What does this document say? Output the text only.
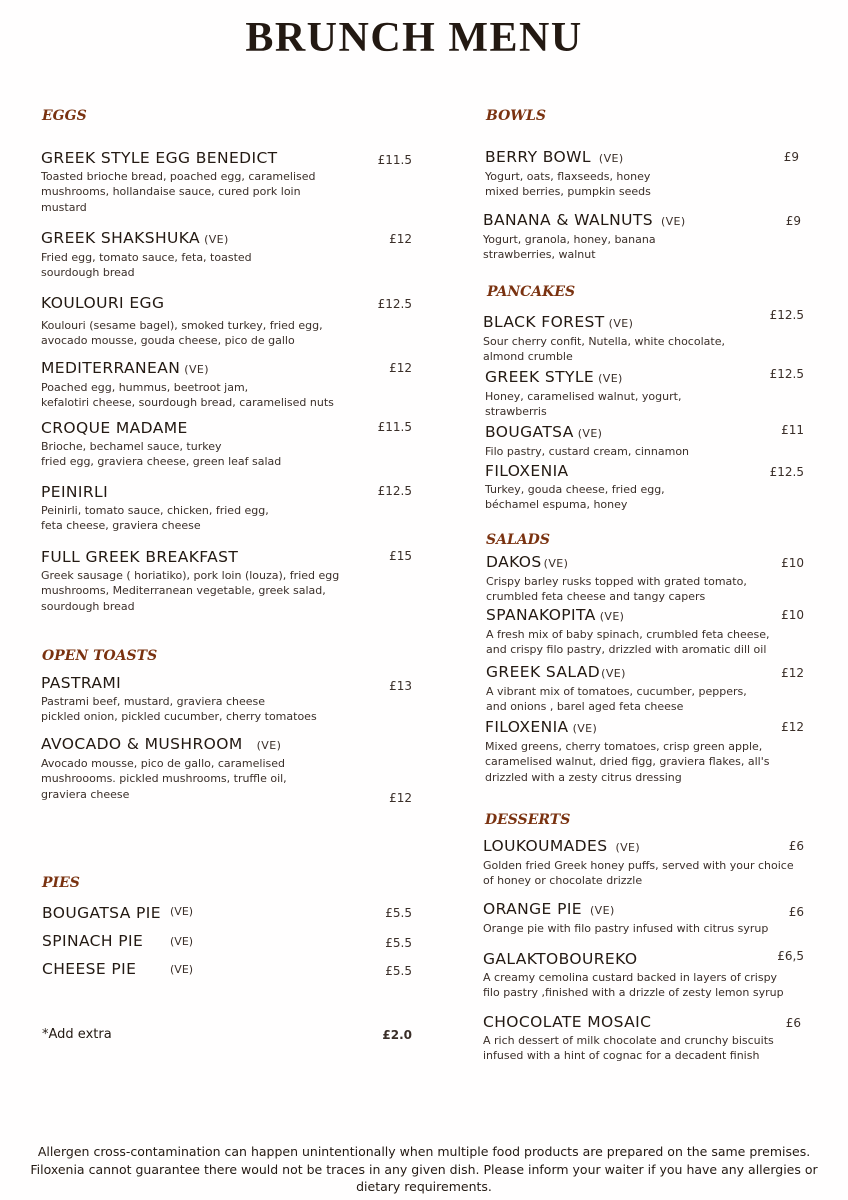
BRUNCH MENU
EGGS
GREEK STYLE EGG BENEDICT
Toasted brioche bread, poached egg, caramelised
mushrooms, hollandaise sauce, cured pork loin
mustard
£11.5
GREEK SHAKSHUKA (VE)
Fried egg, tomato sauce, feta, toasted
sourdough bread
£12
KOULOURI EGG
Koulouri (sesame bagel), smoked turkey, fried egg,
avocado mousse, gouda cheese, pico de gallo
£12.5
MEDITERRANEAN (VE)
Poached egg, hummus, beetroot jam,
kefalotiri cheese, sourdough bread, caramelised nuts
£12
CROQUE MADAME
Brioche, bechamel sauce, turkey
fried egg, graviera cheese, green leaf salad
£11.5
PEINIRLI
Peinirli, tomato sauce, chicken, fried egg,
feta cheese, graviera cheese
£12.5
FULL GREEK BREAKFAST
Greek sausage ( horiatiko), pork loin (louza), fried egg
mushrooms, Mediterranean vegetable, greek salad,
sourdough bread
£15
OPEN TOASTS
PASTRAMI
Pastrami beef, mustard, graviera cheese
pickled onion, pickled cucumber, cherry tomatoes
£13
AVOCADO & MUSHROOM (VE)
Avocado mousse, pico de gallo, caramelised
mushroooms. pickled mushrooms, truffle oil,
graviera cheese	£12
PIES
BOUGATSA PIE (VE)	£5.5
SPINACH PIE (VE)	£5.5
CHEESE PIE	(VE)	£5.5
*Add extra	£2.0
BOWLS
BERRY BOWL (VE)
Yogurt, oats, flaxseeds, honey
mixed berries, pumpkin seeds
£9
BANANA & WALNUTS (VE)
Yogurt, granola, honey, banana
strawberries, walnut
£9
PANCAKES
BLACK FOREST (VE)
Sour cherry confit, Nutella, white chocolate,
almond crumble
£12.5
GREEK STYLE (VE)
Honey, caramelised walnut, yogurt,
strawberris
£12.5
BOUGATSA (VE)
Filo pastry, custard cream, cinnamon
£11
FILOXENIA
Turkey, gouda cheese, fried egg,
béchamel espuma, honey
£12.5
SALADS
DAKOS (VE)
Crispy barley rusks topped with grated tomato,
crumbled feta cheese and tangy capers
£10
SPANAKOPITA (VE)
A fresh mix of baby spinach, crumbled feta cheese,
and crispy filo pastry, drizzled with aromatic dill oil
£10
GREEK SALAD(VE)
A vibrant mix of tomatoes, cucumber, peppers,
and onions , barel aged feta cheese
£12
FILOXENIA (VE)
Mixed greens, cherry tomatoes, crisp green apple,
caramelised walnut, dried figg, graviera flakes, all's
drizzled with a zesty citrus dressing
£12
DESSERTS
LOUKOUMADES (VE)
Golden fried Greek honey puffs, served with your choice
of honey or chocolate drizzle
£6
ORANGE PIE (VE)
Orange pie with filo pastry infused with citrus syrup
£6
GALAKTOBOUREKO
A creamy cemolina custard backed in layers of crispy
filo pastry ,finished with a drizzle of zesty lemon syrup
£6,5
CHOCOLATE MOSAIC
A rich dessert of milk chocolate and crunchy biscuits
infused with a hint of cognac for a decadent finish
£6
Allergen cross-contamination can happen unintentionally when multiple food products are prepared on the same premises. Filoxenia cannot guarantee there would not be traces in any given dish. Please inform your waiter if you have any allergies or dietary requirements.
